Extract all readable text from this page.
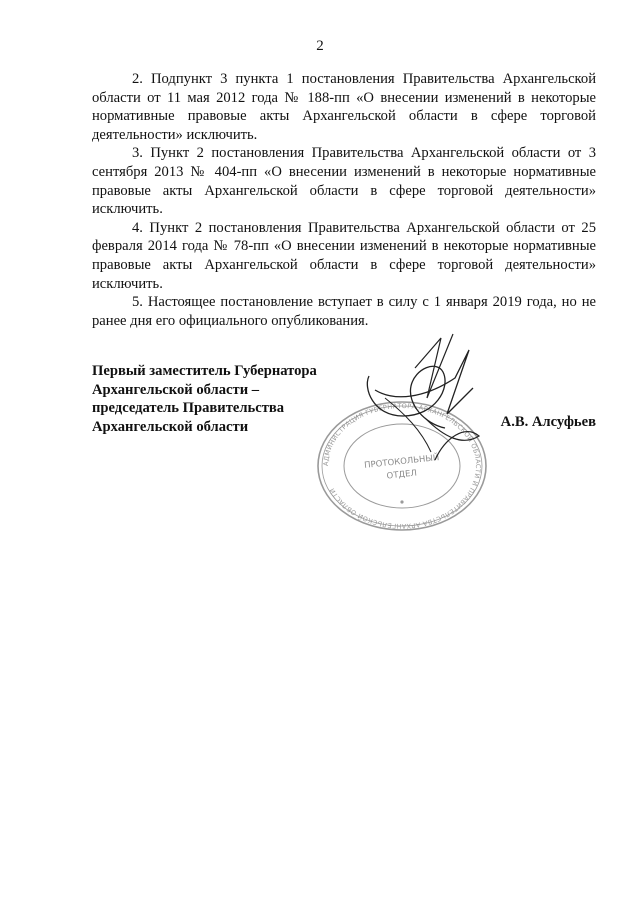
2

2. Подпункт 3 пункта 1 постановления Правительства Архангельской области от 11 мая 2012 года № 188-пп «О внесении изменений в некоторые нормативные правовые акты Архангельской области в сфере торговой деятельности» исключить.

3. Пункт 2 постановления Правительства Архангельской области от 3 сентября 2013 № 404-пп «О внесении изменений в некоторые нормативные правовые акты Архангельской области в сфере торговой деятельности» исключить.

4. Пункт 2 постановления Правительства Архангельской области от 25 февраля 2014 года № 78-пп «О внесении изменений в некоторые нормативные правовые акты Архангельской области в сфере торговой деятельности» исключить.

5. Настоящее постановление вступает в силу с 1 января 2019 года, но не ранее дня его официального опубликования.

Первый заместитель Губернатора
Архангельской области –
председатель Правительства
Архангельской области	А.В. Алсуфьев
АДМИНИСТРАЦИЯ ГУБЕРНАТОРА АРХАНГЕЛЬСКОЙ ОБЛАСТИ И ПРАВИТЕЛЬСТВА АРХАНГЕЛЬСКОЙ ОБЛАСТИ
ПРОТОКОЛЬНЫЙ
ОТДЕЛ
